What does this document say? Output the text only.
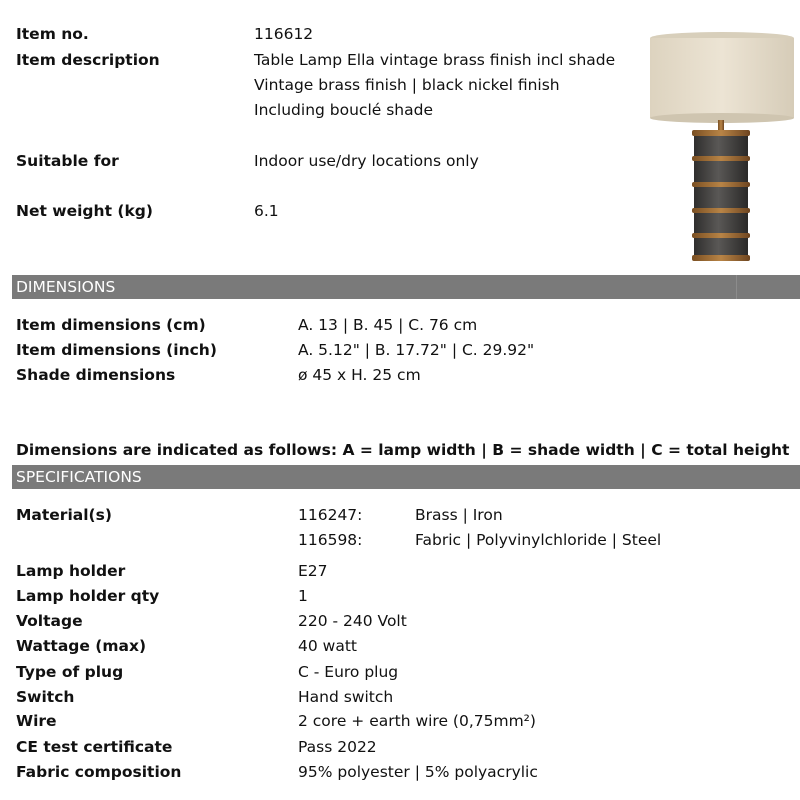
Item no.	116612
Item description	Table Lamp Ella vintage brass finish incl shade
Vintage brass finish | black nickel finish
Including bouclé shade
Suitable for	Indoor use/dry locations only
Net weight (kg)	6.1
DIMENSIONS
Item dimensions (cm)	A. 13 | B. 45 | C. 76 cm
Item dimensions (inch)	A. 5.12" | B. 17.72" | C. 29.92"
Shade dimensions	ø 45 x H. 25 cm
Dimensions are indicated as follows: A = lamp width | B = shade width | C = total height
SPECIFICATIONS
Material(s)	116247:	Brass | Iron
116598:	Fabric | Polyvinylchloride | Steel
Lamp holder	E27
Lamp holder qty	1
Voltage	220 - 240 Volt
Wattage (max)	40 watt
Type of plug	C - Euro plug
Switch	Hand switch
Wire	2 core + earth wire (0,75mm²)
CE test certificate	Pass 2022
Fabric composition	95% polyester | 5% polyacrylic
